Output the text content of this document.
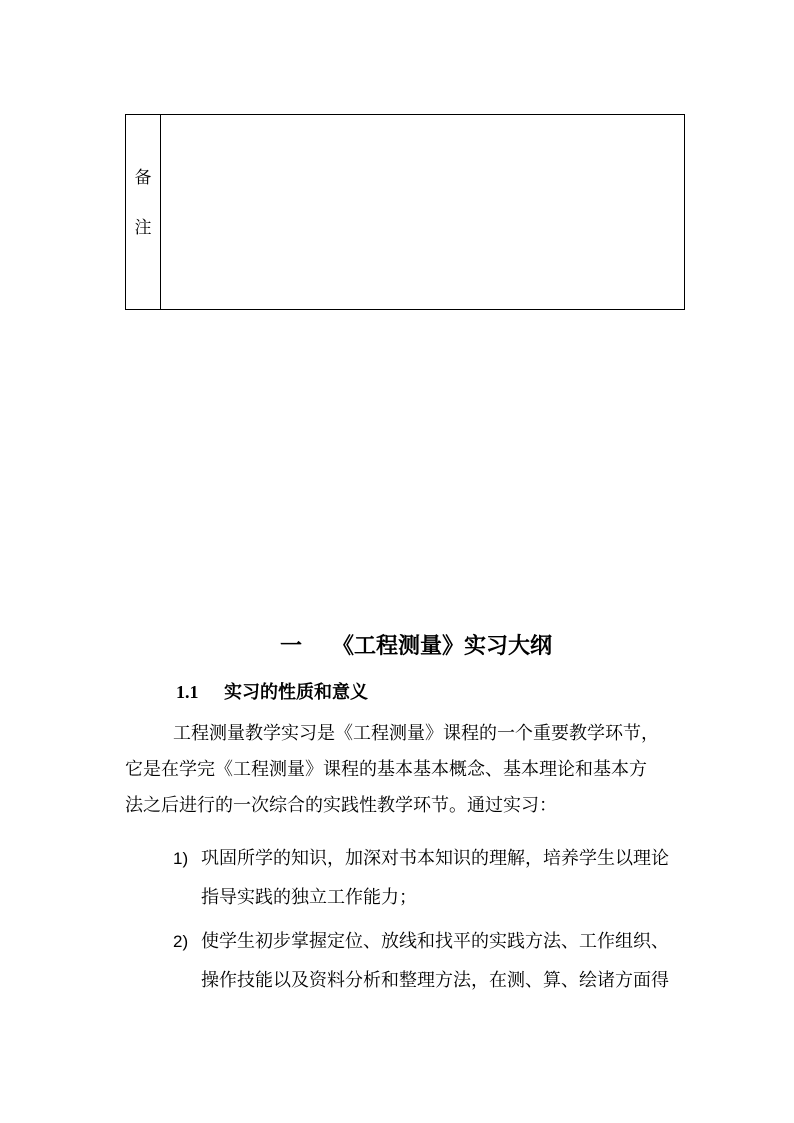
备
注
一 《工程测量》实习大纲
1.1 实习的性质和意义
工程测量教学实习是《工程测量》课程的一个重要教学环节，
它是在学完《工程测量》课程的基本基本概念、基本理论和基本方
法之后进行的一次综合的实践性教学环节。通过实习：
1) 巩固所学的知识，加深对书本知识的理解，培养学生以理论
指导实践的独立工作能力；
2) 使学生初步掌握定位、放线和找平的实践方法、工作组织、
操作技能以及资料分析和整理方法，在测、算、绘诸方面得
